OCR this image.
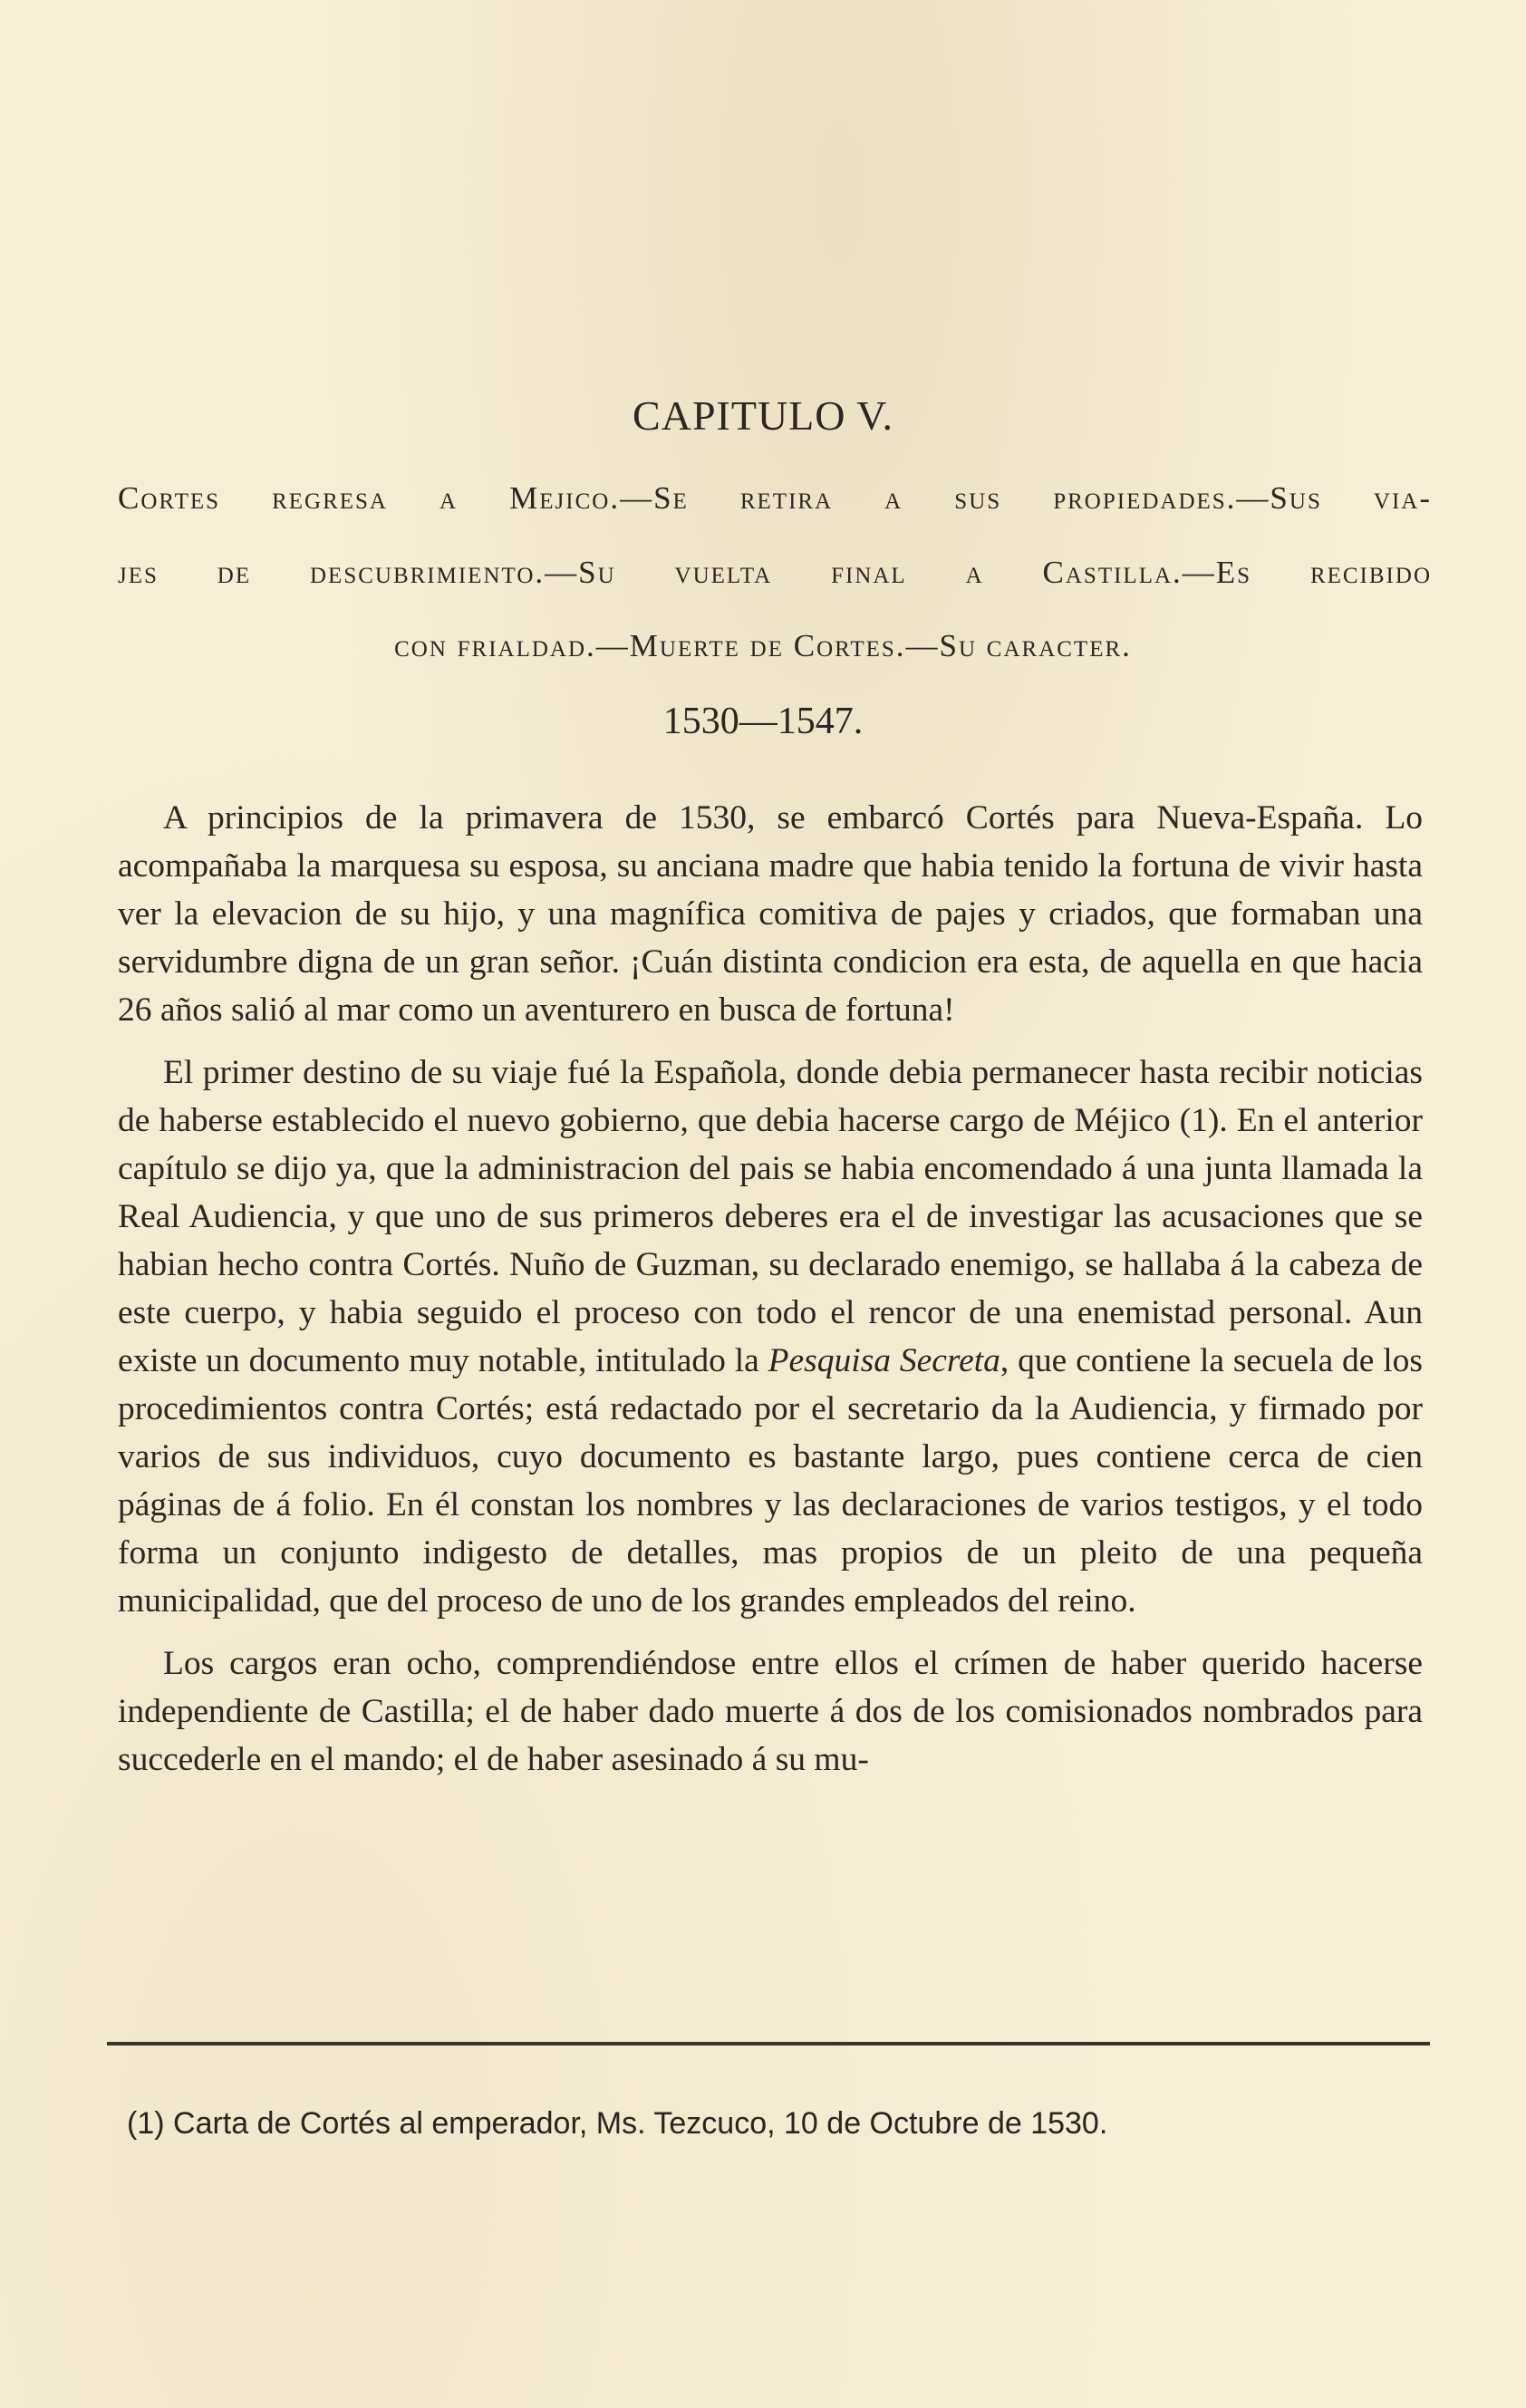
CAPITULO V.
Cortes regresa a Mejico.—Se retira a sus propiedades.—Sus via-
jes de descubrimiento.—Su vuelta final a Castilla.—Es recibido
con frialdad.—Muerte de Cortes.—Su caracter.
1530—1547.

A principios de la primavera de 1530, se embarcó Cortés para Nueva-España. Lo acompañaba la marquesa su esposa, su anciana madre que habia tenido la fortuna de vivir hasta ver la elevacion de su hijo, y una magnífica comitiva de pajes y criados, que formaban una servidumbre digna de un gran señor. ¡Cuán distinta condicion era esta, de aquella en que hacia 26 años salió al mar como un aventurero en busca de fortuna!

El primer destino de su viaje fué la Española, donde debia permanecer hasta recibir noticias de haberse establecido el nuevo gobierno, que debia hacerse cargo de Méjico (1). En el anterior capítulo se dijo ya, que la administracion del pais se habia encomendado á una junta llamada la Real Audiencia, y que uno de sus primeros deberes era el de investigar las acusaciones que se habian hecho contra Cortés. Nuño de Guzman, su declarado enemigo, se hallaba á la cabeza de este cuerpo, y habia seguido el proceso con todo el rencor de una enemistad personal. Aun existe un documento muy notable, intitulado la Pesquisa Secreta, que contiene la secuela de los procedimientos contra Cortés; está redactado por el secretario da la Audiencia, y firmado por varios de sus individuos, cuyo documento es bastante largo, pues contiene cerca de cien páginas de á folio. En él constan los nombres y las declaraciones de varios testigos, y el todo forma un conjunto indigesto de detalles, mas propios de un pleito de una pequeña municipalidad, que del proceso de uno de los grandes empleados del reino.

Los cargos eran ocho, comprendiéndose entre ellos el crímen de haber querido hacerse independiente de Castilla; el de haber dado muerte á dos de los comisionados nombrados para succederle en el mando; el de haber asesinado á su mu-

(1) Carta de Cortés al emperador, Ms. Tezcuco, 10 de Octubre de 1530.
